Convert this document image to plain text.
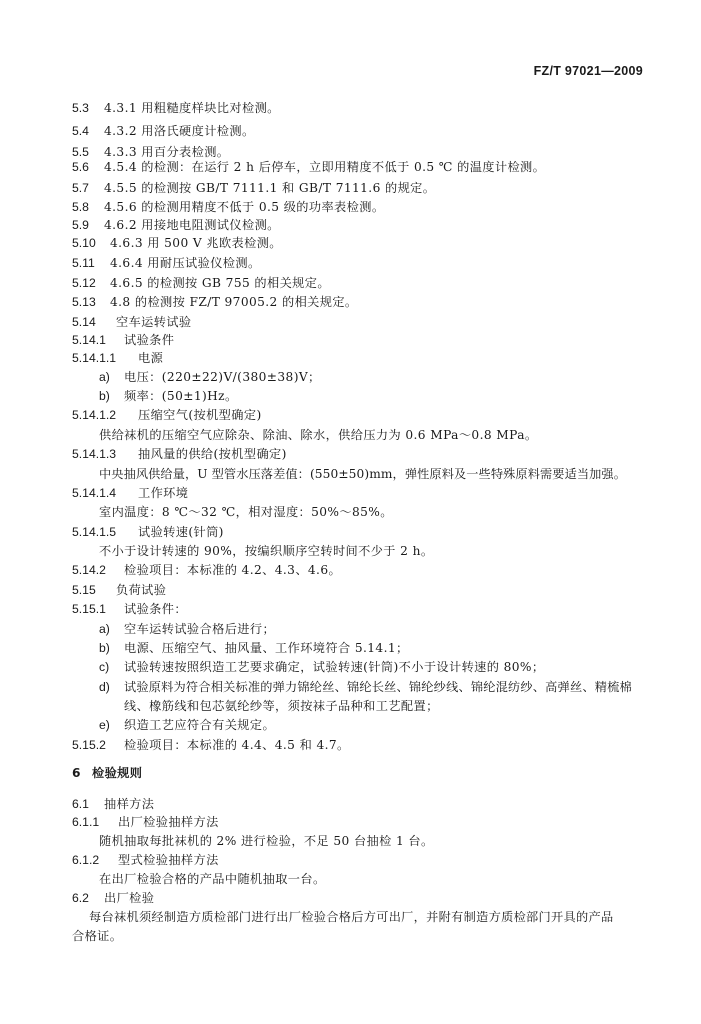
FZ/T 97021—2009
5.3 4.3.1 用粗糙度样块比对检测。
5.4 4.3.2 用洛氏硬度计检测。
5.5 4.3.3 用百分表检测。
5.6 4.5.4 的检测：在运行 2 h 后停车，立即用精度不低于 0.5 ℃ 的温度计检测。
5.7 4.5.5 的检测按 GB/T 7111.1 和 GB/T 7111.6 的规定。
5.8 4.5.6 的检测用精度不低于 0.5 级的功率表检测。
5.9 4.6.2 用接地电阻测试仪检测。
5.10 4.6.3 用 500 V 兆欧表检测。
5.11 4.6.4 用耐压试验仪检测。
5.12 4.6.5 的检测按 GB 755 的相关规定。
5.13 4.8 的检测按 FZ/T 97005.2 的相关规定。
5.14 空车运转试验
5.14.1 试验条件
5.14.1.1 电源
a) 电压：(220±22)V/(380±38)V；
b) 频率：(50±1)Hz。
5.14.1.2 压缩空气(按机型确定)
供给袜机的压缩空气应除杂、除油、除水，供给压力为 0.6 MPa～0.8 MPa。
5.14.1.3 抽风量的供给(按机型确定)
中央抽风供给量，U 型管水压落差值：(550±50)mm，弹性原料及一些特殊原料需要适当加强。
5.14.1.4 工作环境
室内温度：8 ℃～32 ℃，相对湿度：50%～85%。
5.14.1.5 试验转速(针筒)
不小于设计转速的 90%，按编织顺序空转时间不少于 2 h。
5.14.2 检验项目：本标准的 4.2、4.3、4.6。
5.15 负荷试验
5.15.1 试验条件：
a) 空车运转试验合格后进行；
b) 电源、压缩空气、抽风量、工作环境符合 5.14.1；
c) 试验转速按照织造工艺要求确定，试验转速(针筒)不小于设计转速的 80%；
d) 试验原料为符合相关标准的弹力锦纶丝、锦纶长丝、锦纶纱线、锦纶混纺纱、高弹丝、精梳棉
线、橡筋线和包芯氨纶纱等，须按袜子品种和工艺配置；
e) 织造工艺应符合有关规定。
5.15.2 检验项目：本标准的 4.4、4.5 和 4.7。
6 检验规则
6.1 抽样方法
6.1.1 出厂检验抽样方法
随机抽取每批袜机的 2% 进行检验，不足 50 台抽检 1 台。
6.1.2 型式检验抽样方法
在出厂检验合格的产品中随机抽取一台。
6.2 出厂检验
每台袜机须经制造方质检部门进行出厂检验合格后方可出厂，并附有制造方质检部门开具的产品
合格证。
